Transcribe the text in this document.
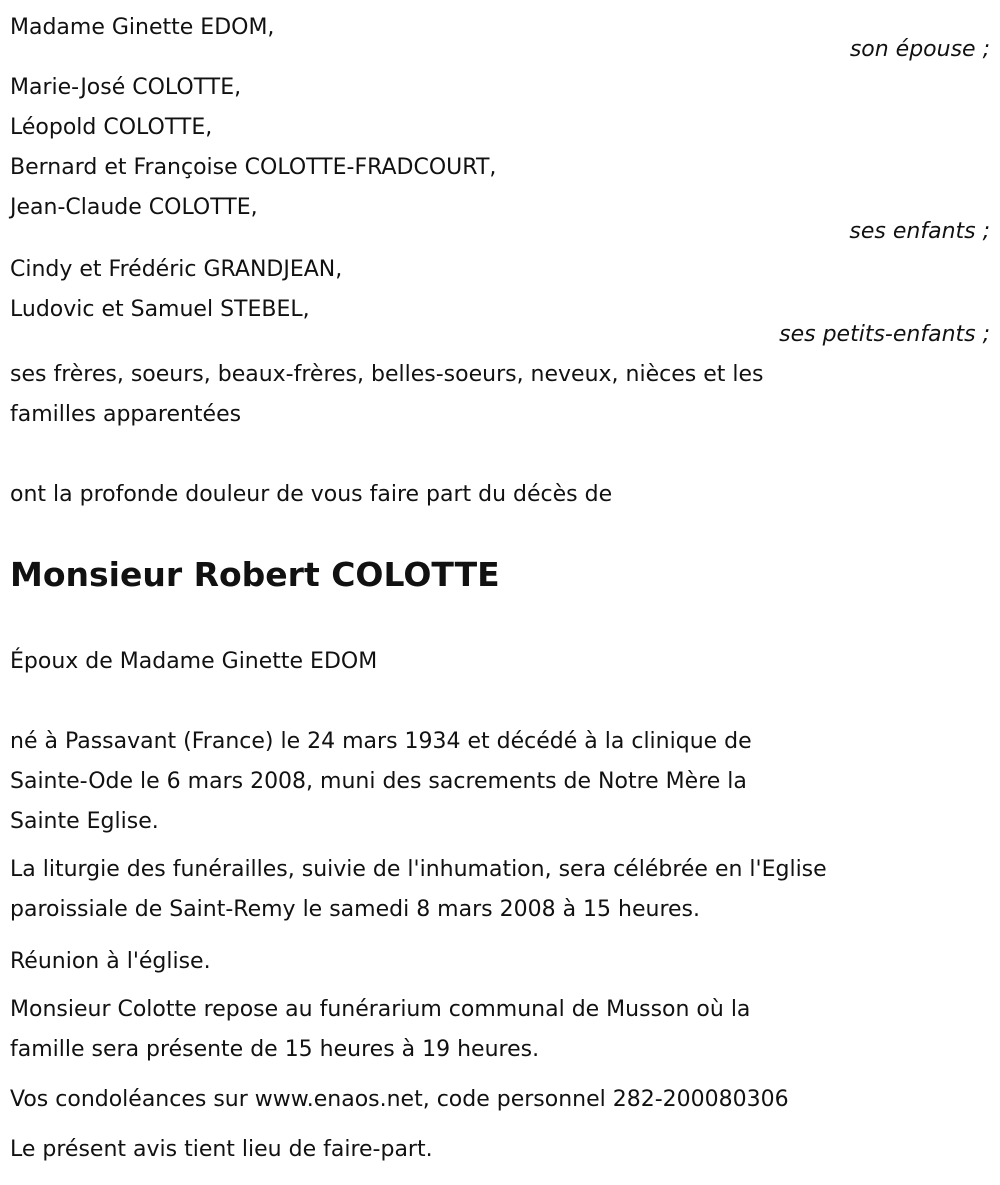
Madame Ginette EDOM,
son épouse ;
Marie-José COLOTTE,
Léopold COLOTTE,
Bernard et Françoise COLOTTE-FRADCOURT,
Jean-Claude COLOTTE,
ses enfants ;
Cindy et Frédéric GRANDJEAN,
Ludovic et Samuel STEBEL,
ses petits-enfants ;
ses frères, soeurs, beaux-frères, belles-soeurs, neveux, nièces et les
familles apparentées
ont la profonde douleur de vous faire part du décès de
Monsieur Robert COLOTTE
Époux de Madame Ginette EDOM
né à Passavant (France) le 24 mars 1934 et décédé à la clinique de
Sainte-Ode le 6 mars 2008, muni des sacrements de Notre Mère la
Sainte Eglise.
La liturgie des funérailles, suivie de l'inhumation, sera célébrée en l'Eglise
paroissiale de Saint-Remy le samedi 8 mars 2008 à 15 heures.
Réunion à l'église.
Monsieur Colotte repose au funérarium communal de Musson où la
famille sera présente de 15 heures à 19 heures.
Vos condoléances sur www.enaos.net, code personnel 282-200080306
Le présent avis tient lieu de faire-part.
